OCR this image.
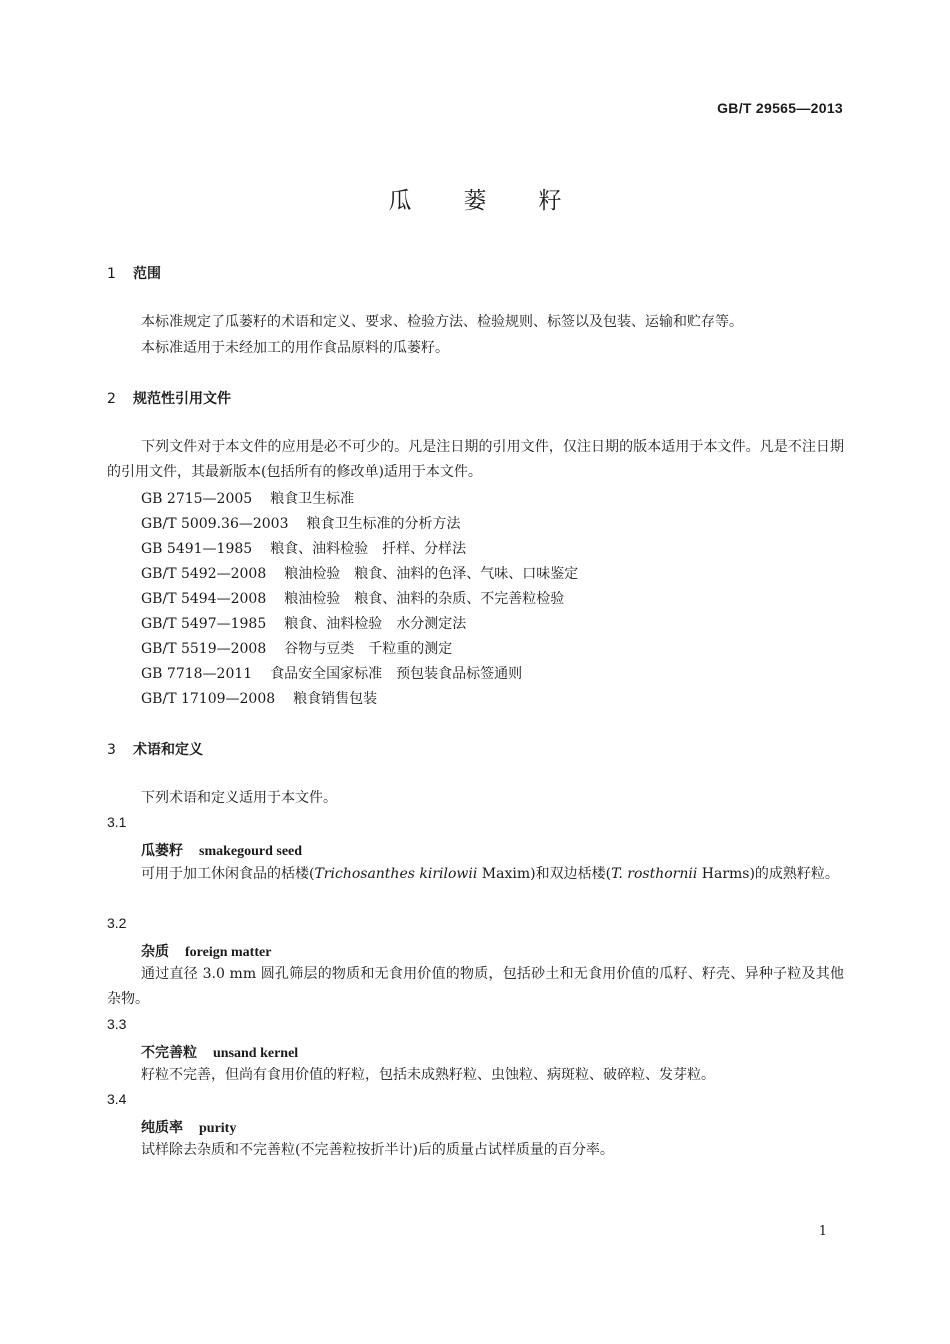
GB/T 29565—2013
瓜蒌籽
1 范围
本标准规定了瓜蒌籽的术语和定义、要求、检验方法、检验规则、标签以及包装、运输和贮存等。
本标准适用于未经加工的用作食品原料的瓜蒌籽。
2 规范性引用文件
下列文件对于本文件的应用是必不可少的。凡是注日期的引用文件，仅注日期的版本适用于本文件。凡是不注日期的引用文件，其最新版本(包括所有的修改单)适用于本文件。
GB 2715—2005 粮食卫生标准
GB/T 5009.36—2003 粮食卫生标准的分析方法
GB 5491—1985 粮食、油料检验　扦样、分样法
GB/T 5492—2008 粮油检验　粮食、油料的色泽、气味、口味鉴定
GB/T 5494—2008 粮油检验　粮食、油料的杂质、不完善粒检验
GB/T 5497—1985 粮食、油料检验　水分测定法
GB/T 5519—2008 谷物与豆类　千粒重的测定
GB 7718—2011 食品安全国家标准　预包装食品标签通则
GB/T 17109—2008 粮食销售包装
3 术语和定义
下列术语和定义适用于本文件。
3.1
瓜蒌籽 smakegourd seed
可用于加工休闲食品的栝楼(Trichosanthes kirilowii Maxim)和双边栝楼(T. rosthornii Harms)的成熟籽粒。
3.2
杂质 foreign matter
通过直径 3.0 mm 圆孔筛层的物质和无食用价值的物质，包括砂土和无食用价值的瓜籽、籽壳、异种子粒及其他杂物。
3.3
不完善粒 unsand kernel
籽粒不完善，但尚有食用价值的籽粒，包括未成熟籽粒、虫蚀粒、病斑粒、破碎粒、发芽粒。
3.4
纯质率 purity
试样除去杂质和不完善粒(不完善粒按折半计)后的质量占试样质量的百分率。
1
